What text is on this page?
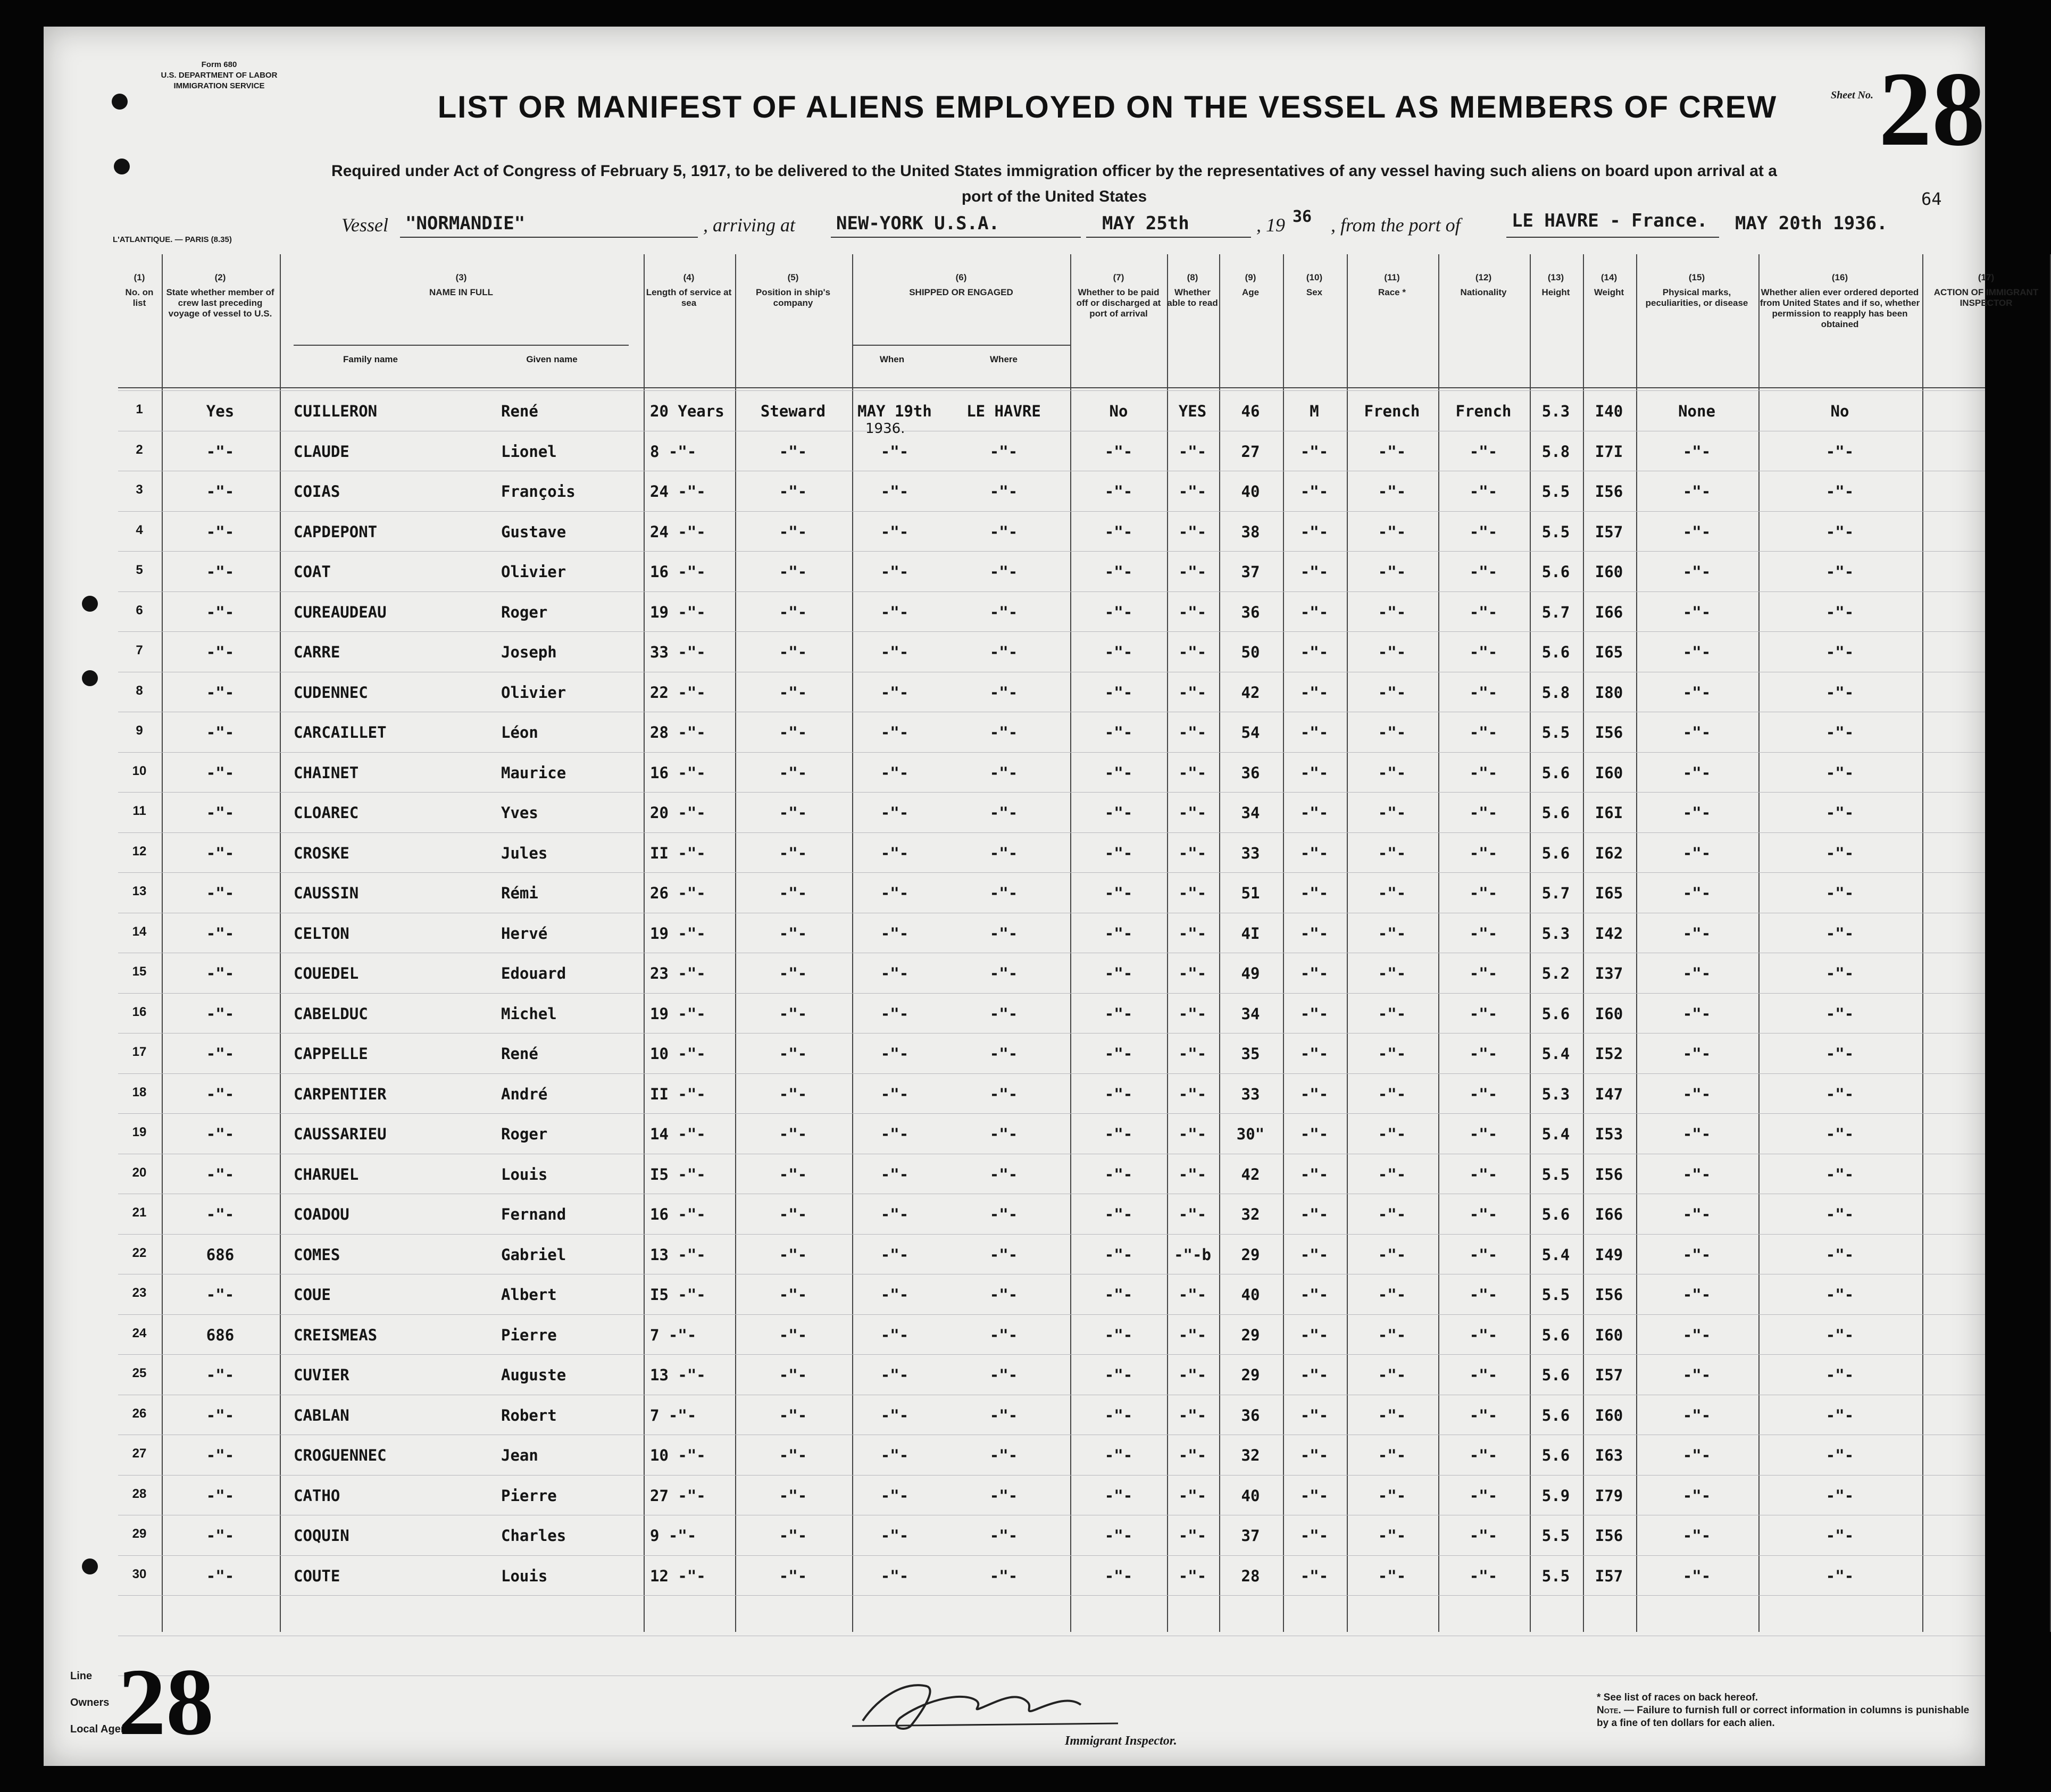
Form 680
U.S. DEPARTMENT OF LABOR
IMMIGRATION SERVICE
LIST OR MANIFEST OF ALIENS EMPLOYED ON THE VESSEL AS MEMBERS OF CREW	Sheet No. 28
Required under Act of Congress of February 5, 1917, to be delivered to the United States immigration officer by the representatives of any vessel having such aliens on board upon arrival at a
port of the United States	64
Vessel "NORMANDIE"	, arriving at NEW-YORK U.S.A.	MAY 25th	, 19 36 , from the port of	LE HAVRE - France. MAY 20th 1936.
L'ATLANTIQUE. — PARIS (8.35)
(1)
No. on list
(2)
State whether member of crew last preceding voyage of vessel to U.S.
(3)
NAME IN FULL
Family name	Given name
(4)
Length of service at sea
(5)
Position in ship's company
(6)
SHIPPED OR ENGAGED
When	Where
(7)
Whether to be paid off or discharged at port of arrival
(8)
Whether able to read
(9)
Age
(10)
Sex
(11)
Race *
(12)
Nationality
(13)
Height
(14)
Weight
(15)
Physical marks, peculiarities, or disease
(16)
Whether alien ever ordered deported from United States and if so, whether permission to reapply has been obtained
(17)
ACTION OF IMMIGRANT INSPECTOR
1	Yes	CUILLERON	René	20 Years	Steward	MAY 19th	LE HAVRE	No	YES	46	M	French	French	5.3	I40	None	No
2	-"-	CLAUDE	Lionel	8 -"-	-"-	-"-	-"-	-"-	-"-	27	-"-	-"-	-"-	5.8	I7I	-"-	-"-
3	-"-	COIAS	François	24 -"-	-"-	-"-	-"-	-"-	-"-	40	-"-	-"-	-"-	5.5	I56	-"-	-"-
4	-"-	CAPDEPONT	Gustave	24 -"-	-"-	-"-	-"-	-"-	-"-	38	-"-	-"-	-"-	5.5	I57	-"-	-"-
5	-"-	COAT	Olivier	16 -"-	-"-	-"-	-"-	-"-	-"-	37	-"-	-"-	-"-	5.6	I60	-"-	-"-
6	-"-	CUREAUDEAU	Roger	19 -"-	-"-	-"-	-"-	-"-	-"-	36	-"-	-"-	-"-	5.7	I66	-"-	-"-
7	-"-	CARRE	Joseph	33 -"-	-"-	-"-	-"-	-"-	-"-	50	-"-	-"-	-"-	5.6	I65	-"-	-"-
8	-"-	CUDENNEC	Olivier	22 -"-	-"-	-"-	-"-	-"-	-"-	42	-"-	-"-	-"-	5.8	I80	-"-	-"-
9	-"-	CARCAILLET	Léon	28 -"-	-"-	-"-	-"-	-"-	-"-	54	-"-	-"-	-"-	5.5	I56	-"-	-"-
10	-"-	CHAINET	Maurice	16 -"-	-"-	-"-	-"-	-"-	-"-	36	-"-	-"-	-"-	5.6	I60	-"-	-"-
11	-"-	CLOAREC	Yves	20 -"-	-"-	-"-	-"-	-"-	-"-	34	-"-	-"-	-"-	5.6	I6I	-"-	-"-
12	-"-	CROSKE	Jules	II -"-	-"-	-"-	-"-	-"-	-"-	33	-"-	-"-	-"-	5.6	I62	-"-	-"-
13	-"-	CAUSSIN	Rémi	26 -"-	-"-	-"-	-"-	-"-	-"-	51	-"-	-"-	-"-	5.7	I65	-"-	-"-
14	-"-	CELTON	Hervé	19 -"-	-"-	-"-	-"-	-"-	-"-	4I	-"-	-"-	-"-	5.3	I42	-"-	-"-
15	-"-	COUEDEL	Edouard	23 -"-	-"-	-"-	-"-	-"-	-"-	49	-"-	-"-	-"-	5.2	I37	-"-	-"-
16	-"-	CABELDUC	Michel	19 -"-	-"-	-"-	-"-	-"-	-"-	34	-"-	-"-	-"-	5.6	I60	-"-	-"-
17	-"-	CAPPELLE	René	10 -"-	-"-	-"-	-"-	-"-	-"-	35	-"-	-"-	-"-	5.4	I52	-"-	-"-
18	-"-	CARPENTIER	André	II -"-	-"-	-"-	-"-	-"-	-"-	33	-"-	-"-	-"-	5.3	I47	-"-	-"-
19	-"-	CAUSSARIEU	Roger	14 -"-	-"-	-"-	-"-	-"-	-"-	30"	-"-	-"-	-"-	5.4	I53	-"-	-"-
20	-"-	CHARUEL	Louis	I5 -"-	-"-	-"-	-"-	-"-	-"-	42	-"-	-"-	-"-	5.5	I56	-"-	-"-
21	-"-	COADOU	Fernand	16 -"-	-"-	-"-	-"-	-"-	-"-	32	-"-	-"-	-"-	5.6	I66	-"-	-"-
22	686	COMES	Gabriel	13 -"-	-"-	-"-	-"-	-"-	-"-b	29	-"-	-"-	-"-	5.4	I49	-"-	-"-
23	-"-	COUE	Albert	I5 -"-	-"-	-"-	-"-	-"-	-"-	40	-"-	-"-	-"-	5.5	I56	-"-	-"-
24	686	CREISMEAS	Pierre	7 -"-	-"-	-"-	-"-	-"-	-"-	29	-"-	-"-	-"-	5.6	I60	-"-	-"-
25	-"-	CUVIER	Auguste	13 -"-	-"-	-"-	-"-	-"-	-"-	29	-"-	-"-	-"-	5.6	I57	-"-	-"-
26	-"-	CABLAN	Robert	7 -"-	-"-	-"-	-"-	-"-	-"-	36	-"-	-"-	-"-	5.6	I60	-"-	-"-
27	-"-	CROGUENNEC	Jean	10 -"-	-"-	-"-	-"-	-"-	-"-	32	-"-	-"-	-"-	5.6	I63	-"-	-"-
28	-"-	CATHO	Pierre	27 -"-	-"-	-"-	-"-	-"-	-"-	40	-"-	-"-	-"-	5.9	I79	-"-	-"-
29	-"-	COQUIN	Charles	9 -"-	-"-	-"-	-"-	-"-	-"-	37	-"-	-"-	-"-	5.5	I56	-"-	-"-
30	-"-	COUTE	Louis	12 -"-	-"-	-"-	-"-	-"-	-"-	28	-"-	-"-	-"-	5.5	I57	-"-	-"-
1936.
Line
Owners
Local Agents
28	Immigrant Inspector.
* See list of races on back hereof.
Note. — Failure to furnish full or correct information in columns is punishable by a fine of ten dollars for each alien.
